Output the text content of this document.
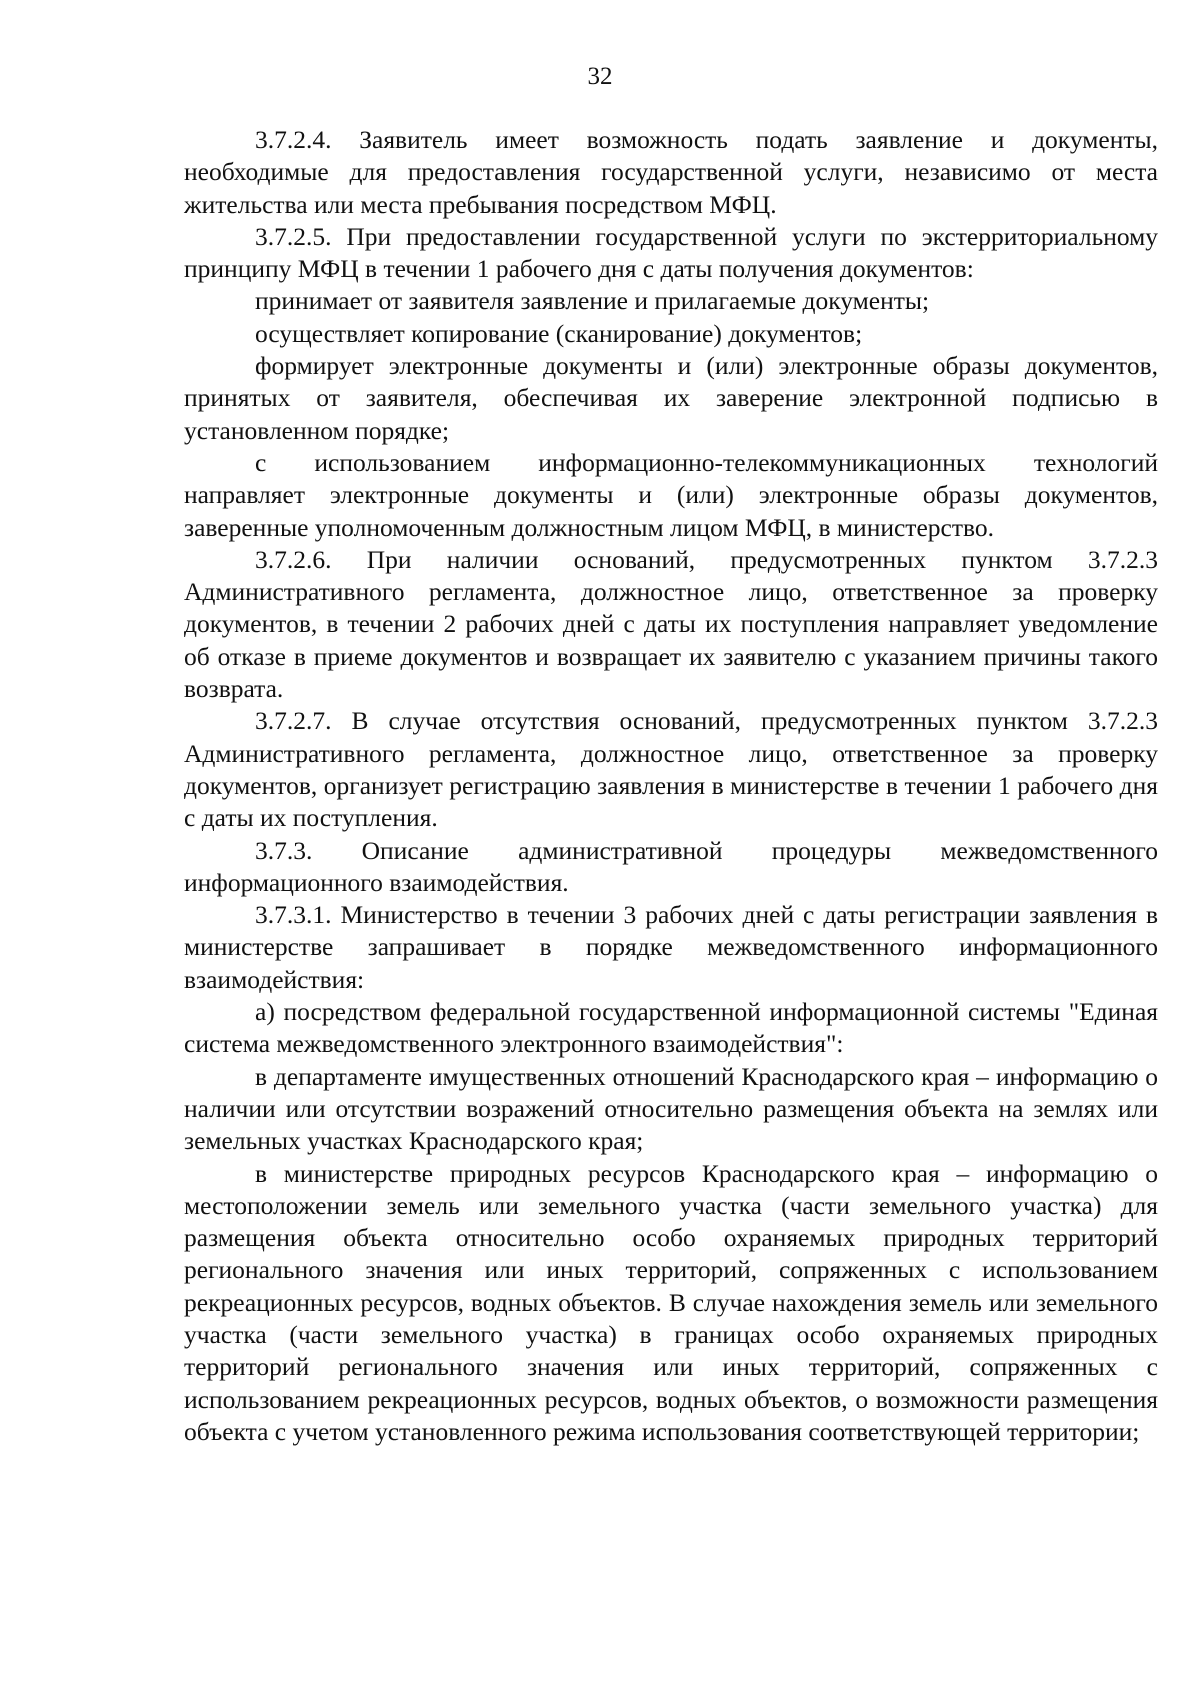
32

3.7.2.4. Заявитель имеет возможность подать заявление и документы, необходимые для предоставления государственной услуги, независимо от места жительства или места пребывания посредством МФЦ.

3.7.2.5. При предоставлении государственной услуги по экстерриториальному принципу МФЦ в течении 1 рабочего дня с даты получения документов:

принимает от заявителя заявление и прилагаемые документы;

осуществляет копирование (сканирование) документов;

формирует электронные документы и (или) электронные образы документов, принятых от заявителя, обеспечивая их заверение электронной подписью в установленном порядке;

с использованием информационно-телекоммуникационных технологий направляет электронные документы и (или) электронные образы документов, заверенные уполномоченным должностным лицом МФЦ, в министерство.

3.7.2.6. При наличии оснований, предусмотренных пунктом 3.7.2.3 Административного регламента, должностное лицо, ответственное за проверку документов, в течении 2 рабочих дней с даты их поступления направляет уведомление об отказе в приеме документов и возвращает их заявителю с указанием причины такого возврата.

3.7.2.7. В случае отсутствия оснований, предусмотренных пунктом 3.7.2.3 Административного регламента, должностное лицо, ответственное за проверку документов, организует регистрацию заявления в министерстве в течении 1 рабочего дня с даты их поступления.

3.7.3. Описание административной процедуры межведомственного информационного взаимодействия.

3.7.3.1. Министерство в течении 3 рабочих дней с даты регистрации заявления в министерстве запрашивает в порядке межведомственного информационного взаимодействия:

а) посредством федеральной государственной информационной системы "Единая система межведомственного электронного взаимодействия":

в департаменте имущественных отношений Краснодарского края – информацию о наличии или отсутствии возражений относительно размещения объекта на землях или земельных участках Краснодарского края;

в министерстве природных ресурсов Краснодарского края – информацию о местоположении земель или земельного участка (части земельного участка) для размещения объекта относительно особо охраняемых природных территорий регионального значения или иных территорий, сопряженных с использованием рекреационных ресурсов, водных объектов. В случае нахождения земель или земельного участка (части земельного участка) в границах особо охраняемых природных территорий регионального значения или иных территорий, сопряженных с использованием рекреационных ресурсов, водных объектов, о возможности размещения объекта с учетом установленного режима использования соответствующей территории;
